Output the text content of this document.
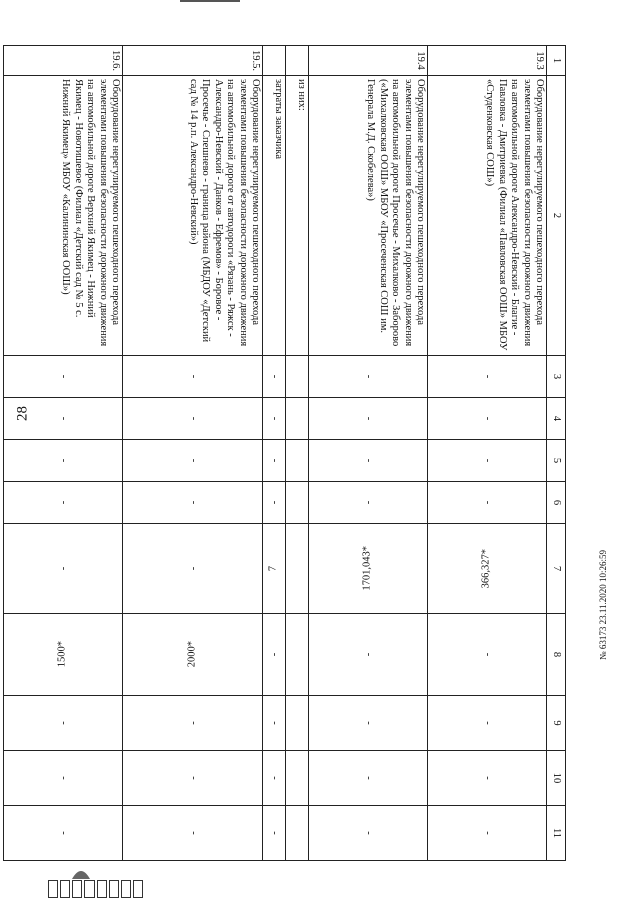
28
1	2	3	4	5	6	7	8	9	10	11
19.3	Оборудование нерегулируемого пешеходного перехода элементами повышения безопасности дорожного движения на автомобильной дороге Александро-Невский - Благие - Павловка - Дмитриевка (Филиал «Павловская ООШ» МБОУ «Студенковская СОШ»)	-	-	-	-	366,327*	-	-	-	-
19.4	Оборудование нерегулируемого пешеходного перехода элементами повышения безопасности дорожного движения на автомобильной дороге Просечье - Михалково - Заборово («Михалковская ООШ» МБОУ «Просеченская СОШ им. Генерала М.Д. Скобелева»)	-	-	-	-	1701,043*	-	-	-	-
	из них:									
	затраты заказчика	-	-	-	-	7	-	-	-	-
19.5.	Оборудование нерегулируемого пешеходного перехода элементами повышения безопасности дорожного движения на автомобильной дороге от автодороги «Рязань - Ряжск - Александро-Невский - Данков - Ефремов» - Боровое - Просечье - Спешнево - граница района (МБДОУ «Детский сад № 14 р.п. Александро-Невский»)	-	-	-	-	-	2000*	-	-	-
19.6.	Оборудование нерегулируемого пешеходного перехода элементами повышения безопасности дорожного движения на автомобильной дороге Верхний Якимец - Нижний Якимец - Новотишевое (Филиал «Детский сад № 5 с. Нижний Якимец» МБОУ «Калининская ООШ»)	-	-	-	-	-	1500*	-	-	-
№ 63173 23.11.2020 10:26:59
